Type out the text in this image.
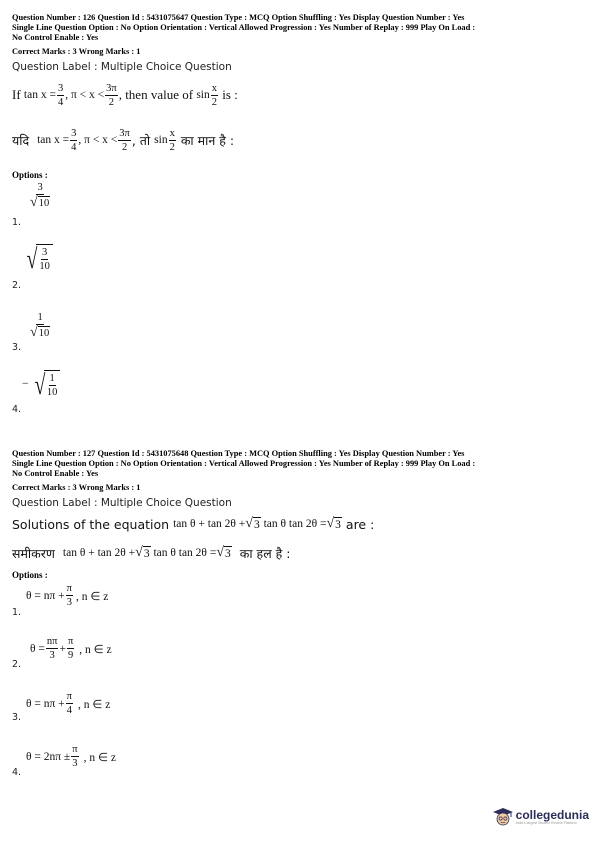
Question Number : 126 Question Id : 5431075647 Question Type : MCQ Option Shuffling : Yes Display Question Number : Yes
Single Line Question Option : No Option Orientation : Vertical Allowed Progression : Yes Number of Replay : 999 Play On Load :
No Control Enable : Yes
Correct Marks : 3 Wrong Marks : 1
Question Label : Multiple Choice Question
If
$\tan x = \frac{3}{4}$ , $\pi < x < \frac{3\pi}{2}$ , then value of
$\sin \frac{x}{2}$
is :
यदि
$\tan x = \frac{3}{4}$ , $\pi < x < \frac{3\pi}{2}$ , तो
$\sin \frac{x}{2}$
का मान है :
Options :
$\frac{3}{√ 10}$
1.
√ $\frac{3}{10}$
2.
$\frac{1}{√ 10}$
3.
− √ $\frac{1}{10}$
4.
Question Number : 127 Question Id : 5431075648 Question Type : MCQ Option Shuffling : Yes Display Question Number : Yes
Single Line Question Option : No Option Orientation : Vertical Allowed Progression : Yes Number of Replay : 999 Play On Load :
No Control Enable : Yes
Correct Marks : 3 Wrong Marks : 1
Question Label : Multiple Choice Question
Solutions of the equation
tan θ + tan 2θ + √ 3
tan θ tan 2θ = √ 3
are :
समीकरण
tan θ + tan 2θ + √ 3
tan θ tan 2θ = √ 3
का हल है :
Options :
$\theta = n\pi + \frac{\pi}{3}$ , n ∈ z
1.
$\theta = \frac{n\pi}{3} + \frac{\pi}{9}$ , n ∈ z
2.
$\theta = n\pi + \frac{\pi}{4}$ , n ∈ z
3.
$\theta = 2n\pi \pm \frac{\pi}{3}$ , n ∈ z
4.
collegedunia
India's largest Student Review Platform
